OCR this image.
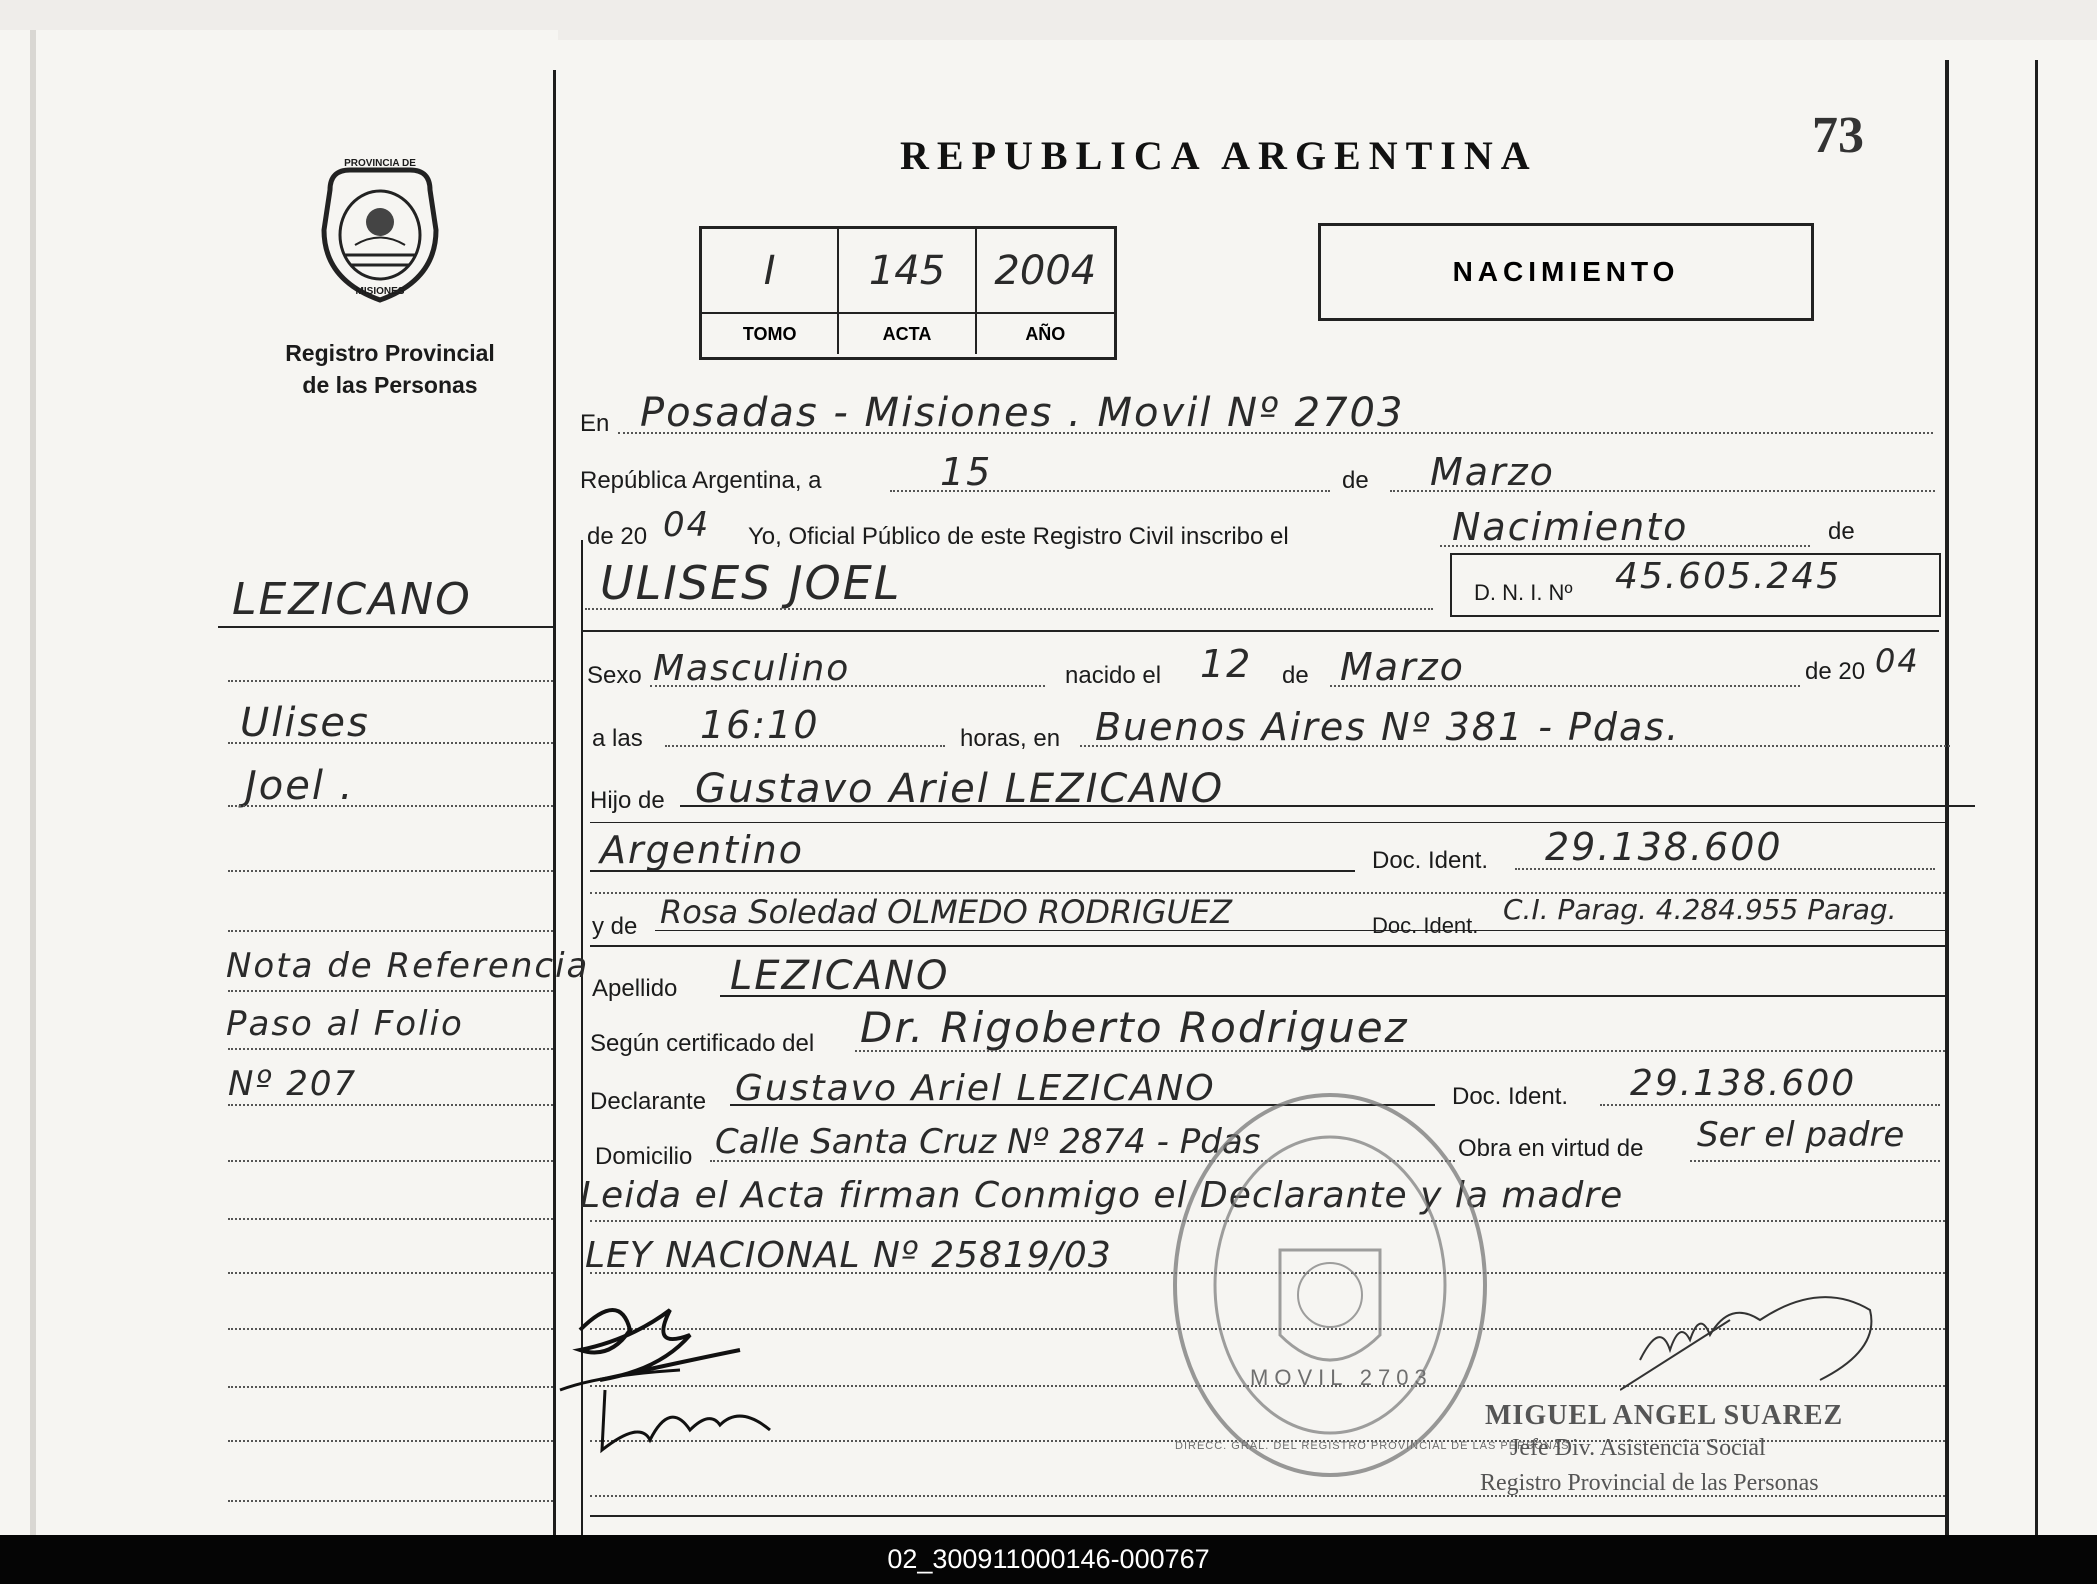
PROVINCIA DE
MISIONES
Registro Provincial
de las Personas
REPUBLICA ARGENTINA	73
I	145	2004
TOMO	ACTA	AÑO
NACIMIENTO
LEZICANO
Ulises
Joel .
Nota de Referencia
Paso al Folio
Nº 207
En Posadas - Misiones . Movil Nº 2703
República Argentina, a	15	de Marzo
de 20 04 Yo, Oficial Público de este Registro Civil inscribo el	Nacimiento	de
ULISES JOEL	D. N. I. Nº 45.605.245
Sexo Masculino	nacido el 12 de Marzo	de 20 04
a las 16:10	horas, en Buenos Aires Nº 381 - Pdas.
Hijo de Gustavo Ariel LEZICANO
Argentino	Doc. Ident. 29.138.600
y de Rosa Soledad OLMEDO RODRIGUEZ	Doc. Ident. C.I. Parag. 4.284.955 Parag.
Apellido LEZICANO
Según certificado del Dr. Rigoberto Rodriguez
Declarante Gustavo Ariel LEZICANO	Doc. Ident. 29.138.600
Domicilio Calle Santa Cruz Nº 2874 - Pdas	Obra en virtud de Ser el padre
Leida el Acta firman Conmigo el Declarante y la madre
LEY NACIONAL Nº 25819/03
DIRECC. GRAL. DEL REGISTRO PROVINCIAL DE LAS PERSONAS
MOVIL 2703
MIGUEL ANGEL SUAREZ
Jefe Div. Asistencia Social
Registro Provincial de las Personas
02_300911000146-000767
